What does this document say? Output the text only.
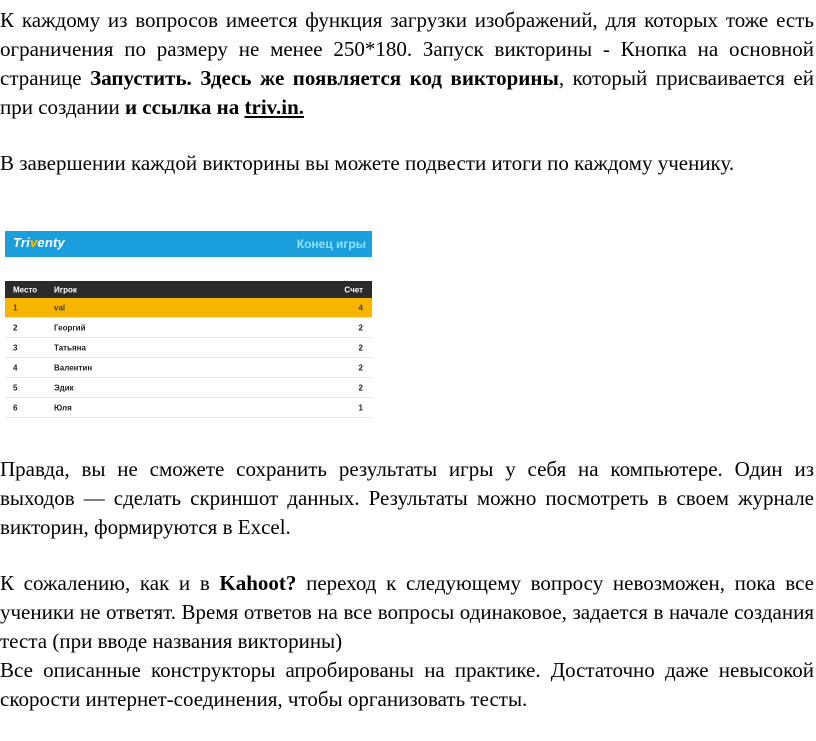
К каждому из вопросов имеется функция загрузки изображений, для которых тоже есть ограничения по размеру не менее 250*180. Запуск викторины - Кнопка на основной странице Запустить. Здесь же появляется код викторины, который присваивается ей при создании и ссылка на triv.in.

В завершении каждой викторины вы можете подвести итоги по каждому ученику.

Triventy	Конец игры
Место Игрок	Счет
1	val	4
2	Георгий	2
3	Татьяна	2
4	Валентин	2
5	Эдик	2
6	Юля	1

Правда, вы не сможете сохранить результаты игры у себя на компьютере. Один из выходов — сделать скриншот данных. Результаты можно посмотреть в своем журнале викторин, формируются в Excel.

К сожалению, как и в Kahoot? переход к следующему вопросу невозможен, пока все ученики не ответят. Время ответов на все вопросы одинаковое, задается в начале создания теста (при вводе названия викторины)

Все описанные конструкторы апробированы на практике. Достаточно даже невысокой скорости интернет-соединения, чтобы организовать тесты.
